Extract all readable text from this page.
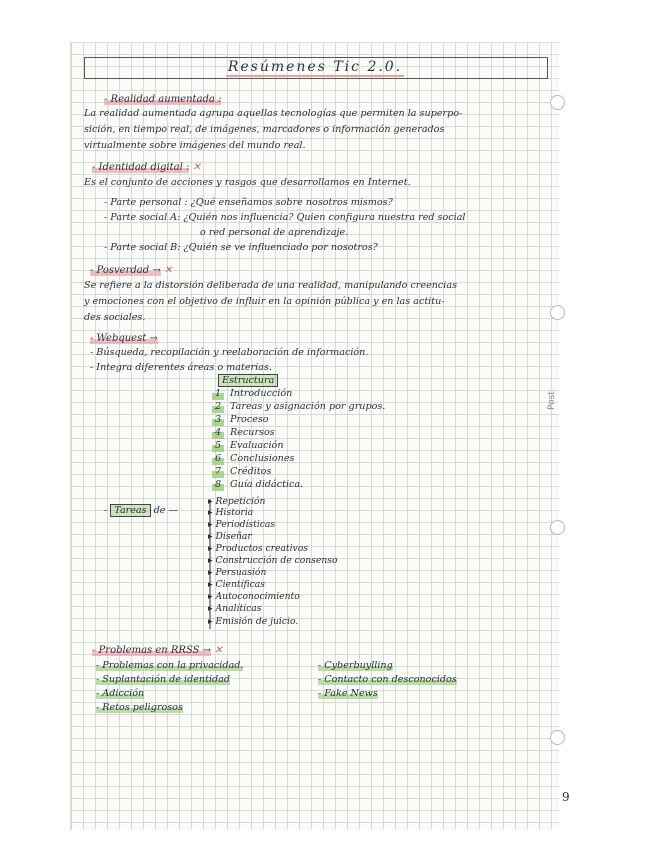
Resúmenes Tic 2.0.
- Realidad aumentada :
La realidad aumentada agrupa aquellas tecnologías que permiten la superpo-
sición, en tiempo real, de imágenes, marcadores o información generados
virtualmente sobre imágenes del mundo real.
- Identidad digital : ✕
Es el conjunto de acciones y rasgos que desarrollamos en Internet.
- Parte personal : ¿Qué enseñamos sobre nosotros mismos?
- Parte social A: ¿Quién nos influencia? Quien configura nuestra red social
o red personal de aprendizaje.
- Parte social B: ¿Quién se ve influenciado por nosotros?
- Posverdad → ✕
Se refiere a la distorsión deliberada de una realidad, manipulando creencias
y emociones con el objetivo de influir en la opinión pública y en las actitu-
des sociales.
- Webquest →
- Búsqueda, recopilación y reelaboración de información.
- Integra diferentes áreas o materias.
Estructura
1 Introducción
2 Tareas y asignación por grupos.
3 Proceso
4 Recursos
5 Evaluación
6 Conclusiones
7 Créditos
8 Guía didáctica.
- Tareas de —
▸ Repetición
▸ Historia
▸ Periodísticas
▸ Diseñar
▸ Productos creativos
▸ Construcción de consenso
▸ Persuasión
▸ Científicas
▸ Autoconocimiento
▸ Analíticas
▸ Emisión de juicio.
- Problemas en RRSS → ✕
- Problemas con la privacidad.
- Suplantación de identidad
- Adicción
- Retos peligrosos
- Cyberbuylling
- Contacto con desconocidos
- Fake News
Post
9
